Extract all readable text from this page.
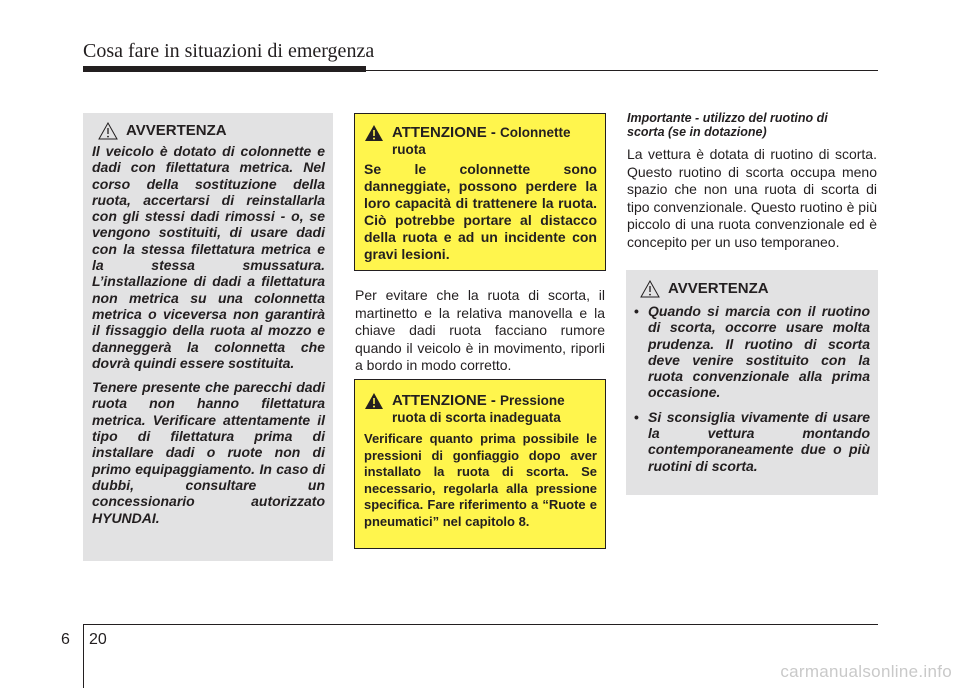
Cosa fare in situazioni di emergenza
AVVERTENZA
Il veicolo è dotato di colonnette e dadi con filettatura metrica. Nel corso della sostituzione della ruota, accertarsi di reinstallarla con gli stessi dadi rimossi - o, se vengono sostituiti, di usare dadi con la stessa filettatura metrica e la stessa smussatura. L’installazione di dadi a filettatura non metrica su una colonnetta metrica o viceversa non garantirà il fissaggio della ruota al mozzo e danneggerà la colonnetta che dovrà quindi essere sostituita.
Tenere presente che parecchi dadi ruota non hanno filettatura metrica. Verificare attentamente il tipo di filettatura prima di installare dadi o ruote non di primo equipaggiamento. In caso di dubbi, consultare un concessionario autorizzato HYUNDAI.
ATTENZIONE - Colonnette ruota
Se le colonnette sono danneggiate, possono perdere la loro capacità di trattenere la ruota. Ciò potrebbe portare al distacco della ruota e ad un incidente con gravi lesioni.
Per evitare che la ruota di scorta, il martinetto e la relativa manovella e la chiave dadi ruota facciano rumore quando il veicolo è in movimento, riporli a bordo in modo corretto.
ATTENZIONE - Pressione ruota di scorta inadeguata
Verificare quanto prima possibile le pressioni di gonfiaggio dopo aver installato la ruota di scorta. Se necessario, regolarla alla pressione specifica. Fare riferimento a “Ruote e pneumatici” nel capitolo 8.
Importante - utilizzo del ruotino di scorta (se in dotazione)
La vettura è dotata di ruotino di scorta. Questo ruotino di scorta occupa meno spazio che non una ruota di scorta di tipo convenzionale. Questo ruotino è più piccolo di una ruota convenzionale ed è concepito per un uso temporaneo.
AVVERTENZA
• Quando si marcia con il ruotino di scorta, occorre usare molta prudenza. Il ruotino di scorta deve venire sostituito con la ruota convenzionale alla prima occasione.
• Si sconsiglia vivamente di usare la vettura montando contemporaneamente due o più ruotini di scorta.
6 20
carmanualsonline.info
